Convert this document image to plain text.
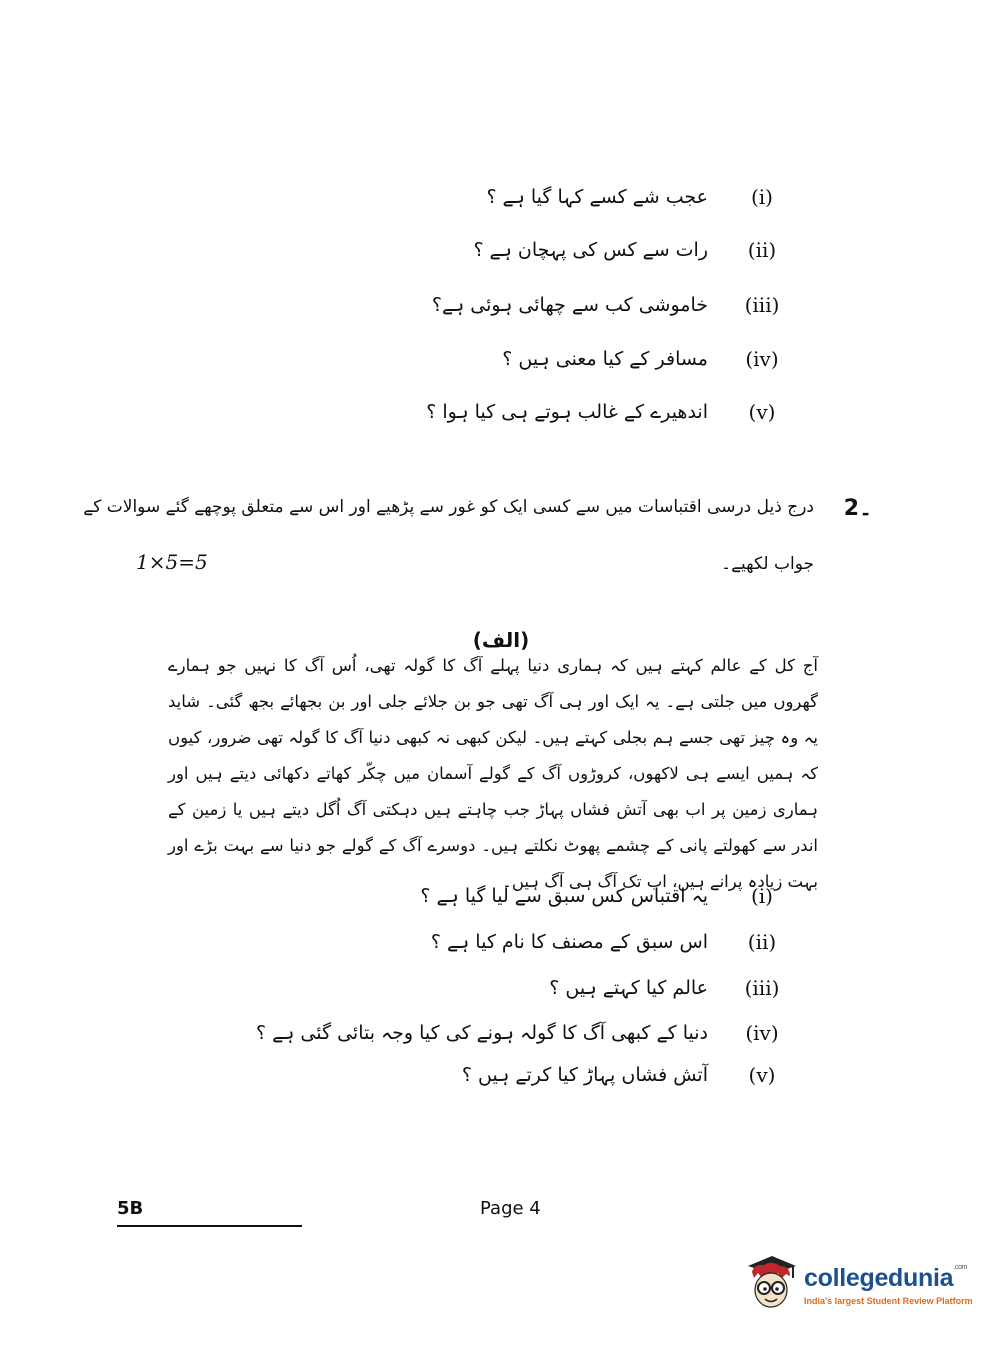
(i)
عجب شے کسے کہا گیا ہے ؟
(ii)
رات سے کس کی پہچان ہے ؟
(iii)
خاموشی کب سے چھائی ہوئی ہے؟
(iv)
مسافر کے کیا معنی ہیں ؟
(v)
اندھیرے کے غالب ہوتے ہی کیا ہوا ؟
2۔
درج ذیل درسی اقتباسات میں سے کسی ایک کو غور سے پڑھیے اور اس سے متعلق پوچھے گئے سوالات کے
جواب لکھیے۔
1×5=5
(الف)

آج کل کے عالم کہتے ہیں کہ ہماری دنیا پہلے آگ کا گولہ تھی، اُس آگ کا نہیں جو ہمارے گھروں میں جلتی ہے۔ یہ ایک اور ہی آگ تھی جو بن جلائے جلی اور بن بجھائے بجھ گئی۔ شاید یہ وہ چیز تھی جسے ہم بجلی کہتے ہیں۔ لیکن کبھی نہ کبھی دنیا آگ کا گولہ تھی ضرور، کیوں کہ ہمیں ایسے ہی لاکھوں، کروڑوں آگ کے گولے آسمان میں چکّر کھاتے دکھائی دیتے ہیں اور ہماری زمین پر اب بھی آتش فشاں پہاڑ جب چاہتے ہیں دہکتی آگ اُگل دیتے ہیں یا زمین کے اندر سے کھولتے پانی کے چشمے پھوٹ نکلتے ہیں۔ دوسرے آگ کے گولے جو دنیا سے بہت بڑے اور بہت زیادہ پرانے ہیں، اب تک آگ ہی آگ ہیں۔

(i)
یہ اقتباس کس سبق سے لیا گیا ہے ؟
(ii)
اس سبق کے مصنف کا نام کیا ہے ؟
(iii)
عالم کیا کہتے ہیں ؟
(iv)
دنیا کے کبھی آگ کا گولہ ہونے کی کیا وجہ بتائی گئی ہے ؟
(v)
آتش فشاں پہاڑ کیا کرتے ہیں ؟
5B	Page 4
collegedunia$^{.com}$
India's largest Student Review Platform
